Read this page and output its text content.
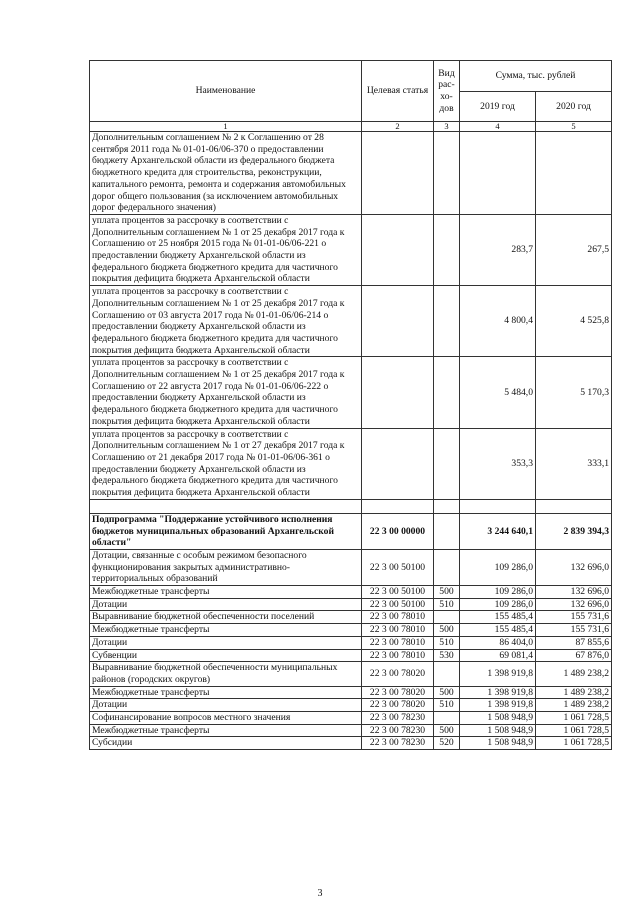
Наименование	Целевая статья	Вид рас- хо- дов	Сумма, тыс. рублей	
			2019 год	2020 год
1	2	3	4	5
Дополнительным соглашением № 2 к Соглашению от 28 сентября 2011 года № 01-01-06/06-370 о предоставлении бюджету Архангельской области из федерального бюджета бюджетного кредита для строительства, реконструкции, капитального ремонта, ремонта и содержания автомобильных дорог общего пользования (за исключением автомобильных дорог федерального значения)				
уплата процентов за рассрочку в соответствии с Дополнительным соглашением № 1 от 25 декабря 2017 года к Соглашению от 25 ноября 2015 года № 01-01-06/06-221 о предоставлении бюджету Архангельской области из федерального бюджета бюджетного кредита для частичного покрытия дефицита бюджета Архангельской области			283,7	267,5
уплата процентов за рассрочку в соответствии с Дополнительным соглашением № 1 от 25 декабря 2017 года к Соглашению от 03 августа 2017 года № 01-01-06/06-214 о предоставлении бюджету Архангельской области из федерального бюджета бюджетного кредита для частичного покрытия дефицита бюджета Архангельской области			4 800,4	4 525,8
уплата процентов за рассрочку в соответствии с Дополнительным соглашением № 1 от 25 декабря 2017 года к Соглашению от 22 августа 2017 года № 01-01-06/06-222 о предоставлении бюджету Архангельской области из федерального бюджета бюджетного кредита для частичного покрытия дефицита бюджета Архангельской области			5 484,0	5 170,3
уплата процентов за рассрочку в соответствии с Дополнительным соглашением № 1 от 27 декабря 2017 года к Соглашению от 21 декабря 2017 года № 01-01-06/06-361 о предоставлении бюджету Архангельской области из федерального бюджета бюджетного кредита для частичного покрытия дефицита бюджета Архангельской области			353,3	333,1

Подпрограмма "Поддержание устойчивого исполнения бюджетов муниципальных образований Архангельской области"	22 3 00 00000		3 244 640,1	2 839 394,3
Дотации, связанные с особым режимом безопасного функционирования закрытых административно-территориальных образований	22 3 00 50100		109 286,0	132 696,0
Межбюджетные трансферты	22 3 00 50100	500	109 286,0	132 696,0
Дотации	22 3 00 50100	510	109 286,0	132 696,0
Выравнивание бюджетной обеспеченности поселений	22 3 00 78010		155 485,4	155 731,6
Межбюджетные трансферты	22 3 00 78010	500	155 485,4	155 731,6
Дотации	22 3 00 78010	510	86 404,0	87 855,6
Субвенции	22 3 00 78010	530	69 081,4	67 876,0
Выравнивание бюджетной обеспеченности муниципальных районов (городских округов)	22 3 00 78020		1 398 919,8	1 489 238,2
Межбюджетные трансферты	22 3 00 78020	500	1 398 919,8	1 489 238,2
Дотации	22 3 00 78020	510	1 398 919,8	1 489 238,2
Софинансирование вопросов местного значения	22 3 00 78230		1 508 948,9	1 061 728,5
Межбюджетные трансферты	22 3 00 78230	500	1 508 948,9	1 061 728,5
Субсидии	22 3 00 78230	520	1 508 948,9	1 061 728,5
3
